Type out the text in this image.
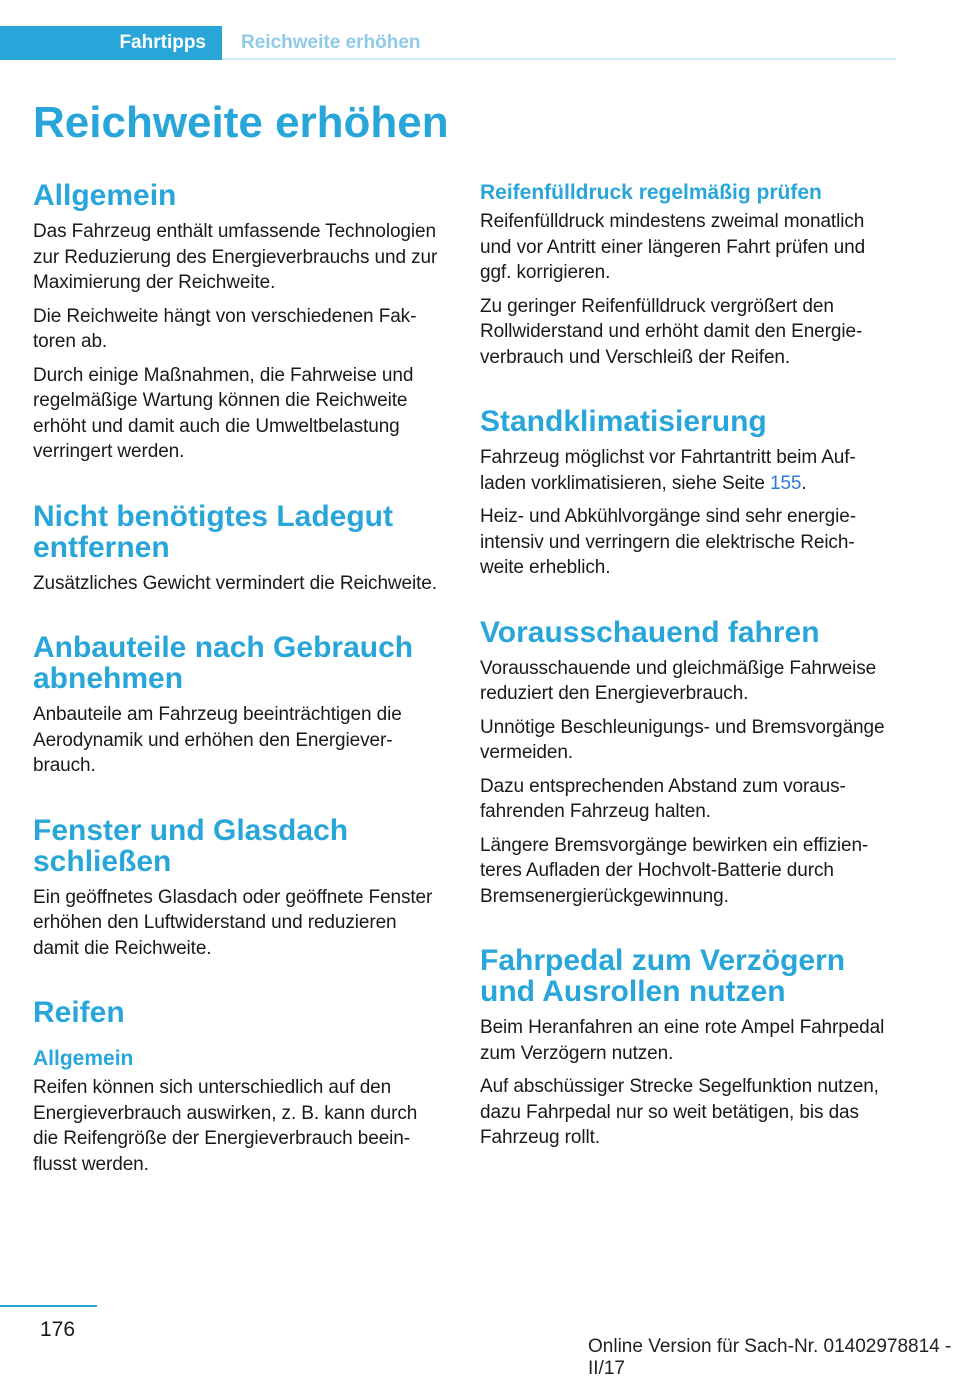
Fahrtipps	Reichweite erhöhen
Reichweite erhöhen
Allgemein

Das Fahrzeug enthält umfassende Technologien zur Reduzierung des Energieverbrauchs und zur Maximierung der Reichweite.

Die Reichweite hängt von verschiedenen Faktoren ab.

Durch einige Maßnahmen, die Fahrweise und regelmäßige Wartung können die Reichweite erhöht und damit auch die Umweltbelastung verringert werden.

Nicht benötigtes Ladegut entfernen

Zusätzliches Gewicht vermindert die Reichweite.

Anbauteile nach Gebrauch abnehmen

Anbauteile am Fahrzeug beeinträchtigen die Aerodynamik und erhöhen den Energieverbrauch.

Fenster und Glasdach schließen

Ein geöffnetes Glasdach oder geöffnete Fenster erhöhen den Luftwiderstand und reduzieren damit die Reichweite.

Reifen
Allgemein

Reifen können sich unterschiedlich auf den Energieverbrauch auswirken, z. B. kann durch die Reifengröße der Energieverbrauch beeinflusst werden.

Reifenfülldruck regelmäßig prüfen

Reifenfülldruck mindestens zweimal monatlich und vor Antritt einer längeren Fahrt prüfen und ggf. korrigieren.

Zu geringer Reifenfülldruck vergrößert den Rollwiderstand und erhöht damit den Energieverbrauch und Verschleiß der Reifen.

Standklimatisierung

Fahrzeug möglichst vor Fahrtantritt beim Aufladen vorklimatisieren, siehe Seite 155.

Heiz- und Abkühlvorgänge sind sehr energieintensiv und verringern die elektrische Reichweite erheblich.

Vorausschauend fahren

Vorausschauende und gleichmäßige Fahrweise reduziert den Energieverbrauch.

Unnötige Beschleunigungs- und Bremsvorgänge vermeiden.

Dazu entsprechenden Abstand zum vorausfahrenden Fahrzeug halten.

Längere Bremsvorgänge bewirken ein effizienteres Aufladen der Hochvolt-Batterie durch Bremsenergierückgewinnung.

Fahrpedal zum Verzögern und Ausrollen nutzen

Beim Heranfahren an eine rote Ampel Fahrpedal zum Verzögern nutzen.

Auf abschüssiger Strecke Segelfunktion nutzen, dazu Fahrpedal nur so weit betätigen, bis das Fahrzeug rollt.

176
Online Version für Sach-Nr. 01402978814 - II/17
